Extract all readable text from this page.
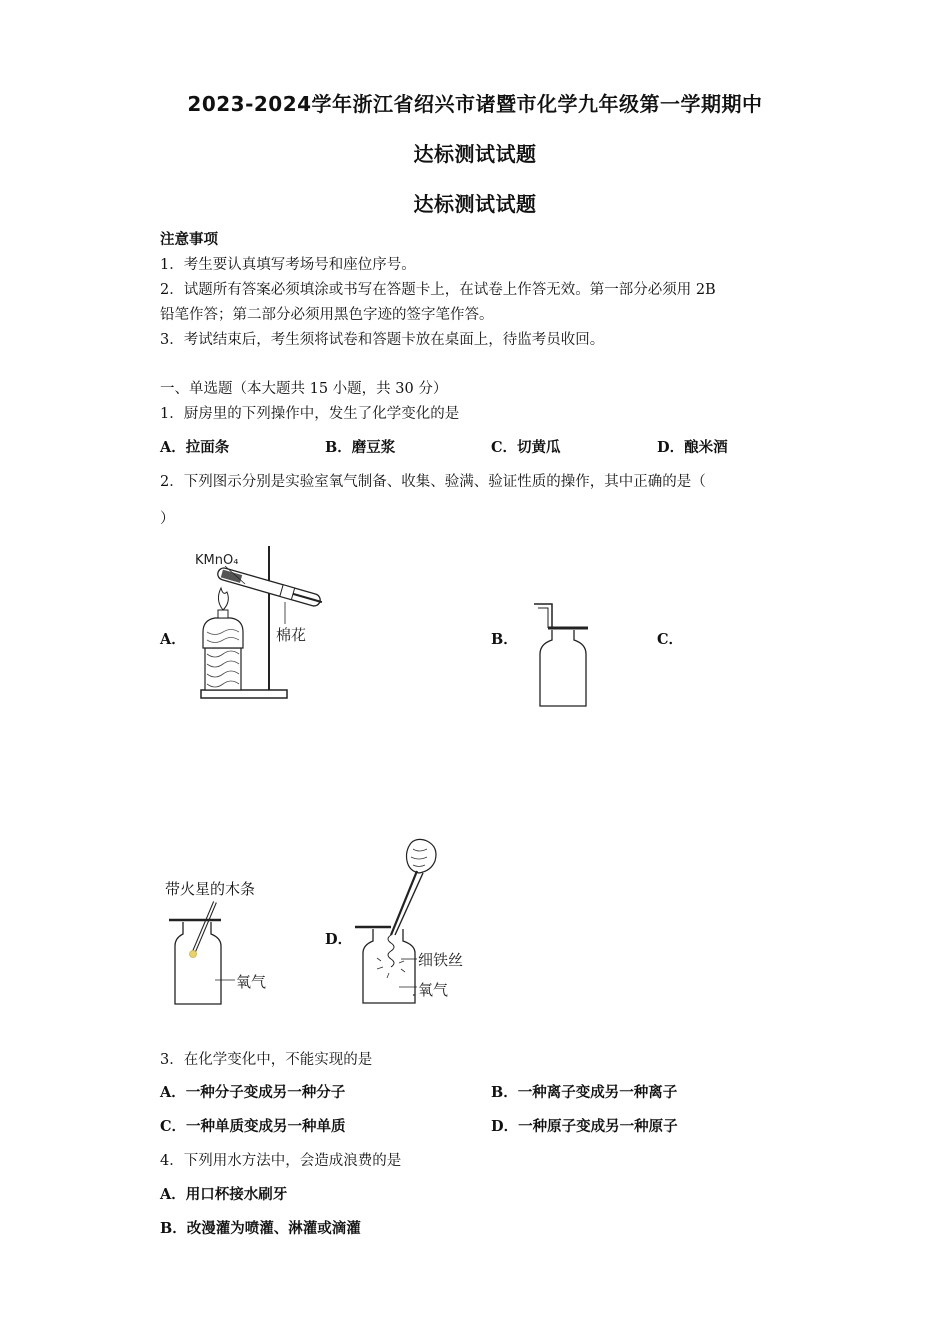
2023-2024学年浙江省绍兴市诸暨市化学九年级第一学期期中
达标测试试题
达标测试试题
注意事项
1．考生要认真填写考场号和座位序号。
2．试题所有答案必须填涂或书写在答题卡上，在试卷上作答无效。第一部分必须用 2B
铅笔作答；第二部分必须用黑色字迹的签字笔作答。
3．考试结束后，考生须将试卷和答题卡放在桌面上，待监考员收回。
一、单选题（本大题共 15 小题，共 30 分）
1．厨房里的下列操作中，发生了化学变化的是
A．拉面条	B．磨豆浆	C．切黄瓜	D．酿米酒
2．下列图示分别是实验室氧气制备、收集、验满、验证性质的操作，其中正确的是（
）
A．	B．	C．
D．
KMnO₄
棉花
带火星的木条
氧气
细铁丝
氧气
3．在化学变化中，不能实现的是
A．一种分子变成另一种分子	B．一种离子变成另一种离子
C．一种单质变成另一种单质	D．一种原子变成另一种原子
4．下列用水方法中，会造成浪费的是
A．用口杯接水刷牙
B．改漫灌为喷灌、淋灌或滴灌
